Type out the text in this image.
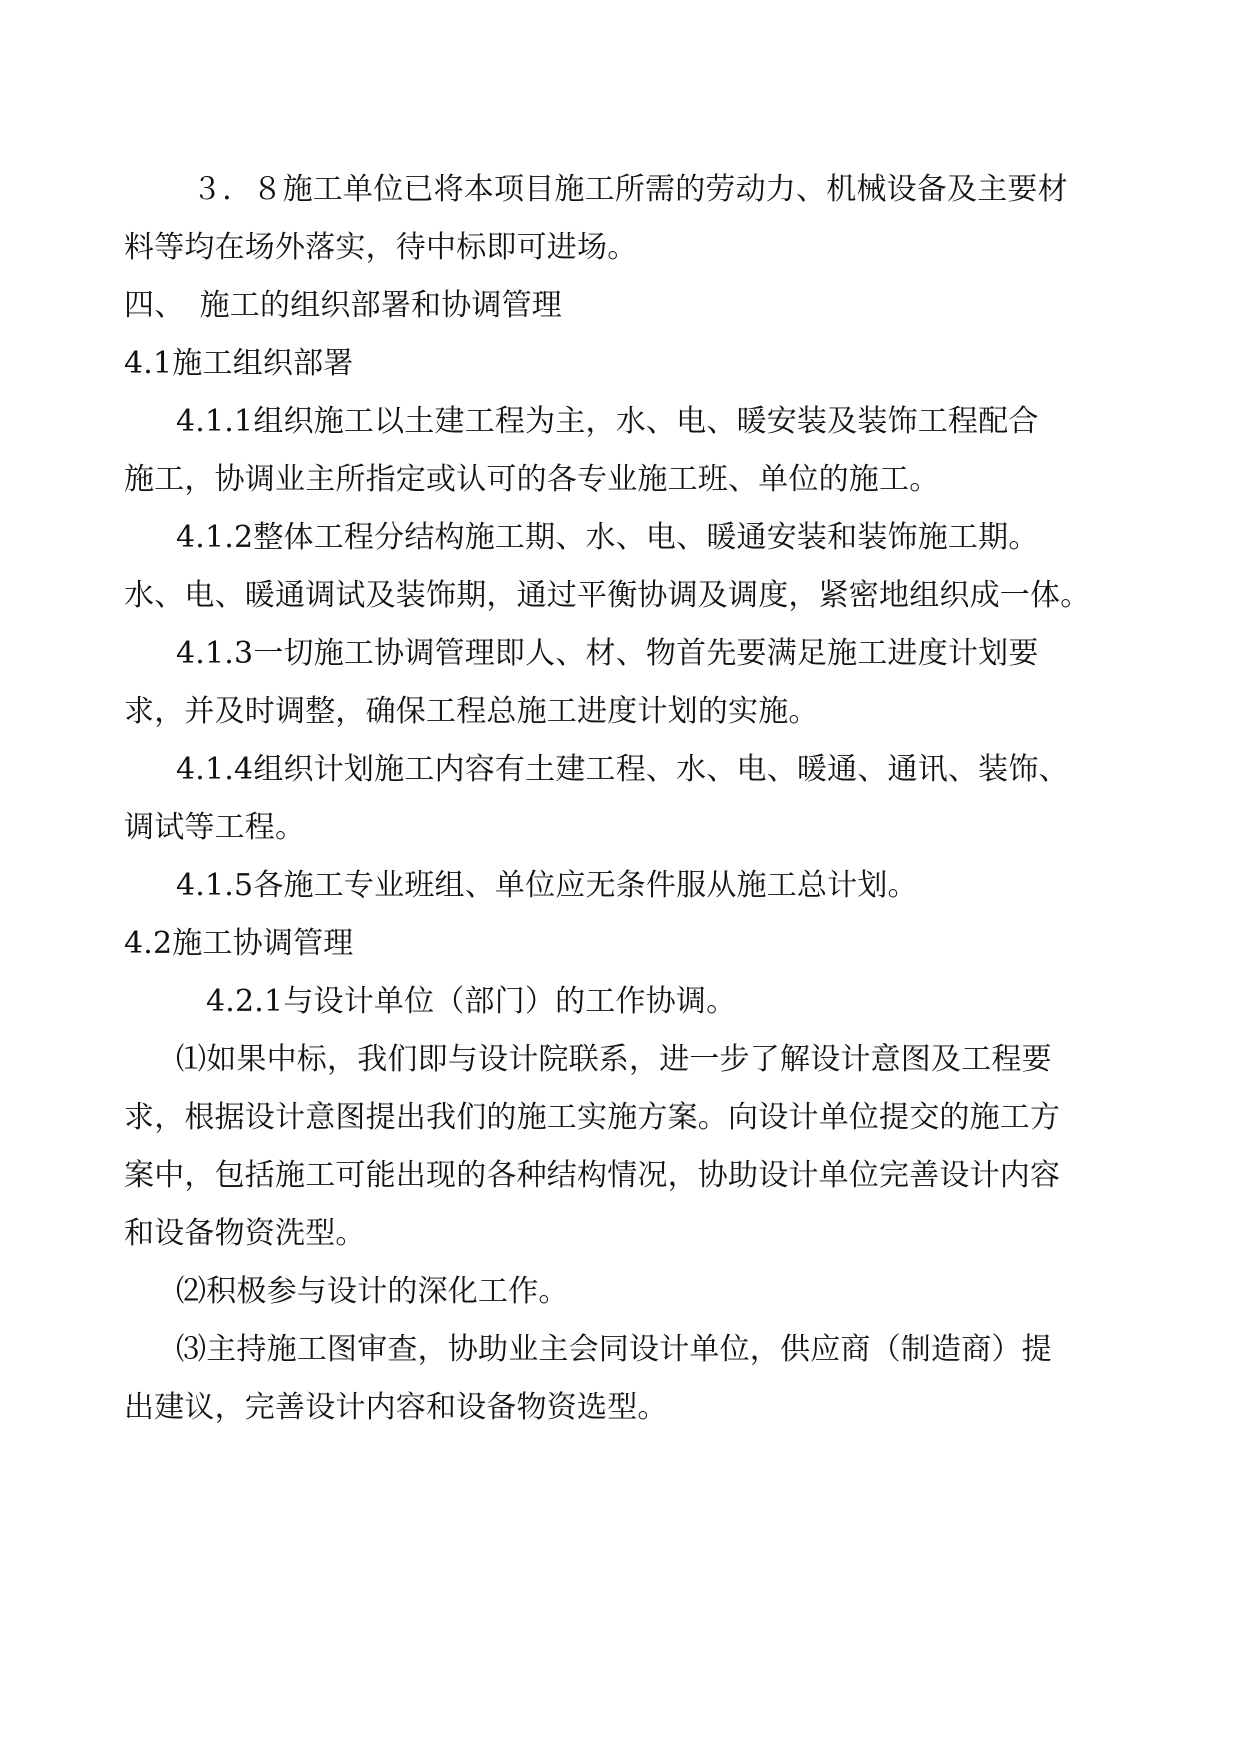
３．８施工单位已将本项目施工所需的劳动力、机械设备及主要材
料等均在场外落实，待中标即可进场。
四、　施工的组织部署和协调管理
4.1施工组织部署
4.1.1组织施工以土建工程为主，水、电、暖安装及装饰工程配合
施工，协调业主所指定或认可的各专业施工班、单位的施工。
4.1.2整体工程分结构施工期、水、电、暖通安装和装饰施工期。
水、电、暖通调试及装饰期，通过平衡协调及调度，紧密地组织成一体。
4.1.3一切施工协调管理即人、材、物首先要满足施工进度计划要
求，并及时调整，确保工程总施工进度计划的实施。
4.1.4组织计划施工内容有土建工程、水、电、暖通、通讯、装饰、
调试等工程。
4.1.5各施工专业班组、单位应无条件服从施工总计划。
4.2施工协调管理
4.2.1与设计单位（部门）的工作协调。
⑴如果中标，我们即与设计院联系，进一步了解设计意图及工程要
求，根据设计意图提出我们的施工实施方案。向设计单位提交的施工方
案中，包括施工可能出现的各种结构情况，协助设计单位完善设计内容
和设备物资洗型。
⑵积极参与设计的深化工作。
⑶主持施工图审查，协助业主会同设计单位，供应商（制造商）提
出建议，完善设计内容和设备物资选型。
